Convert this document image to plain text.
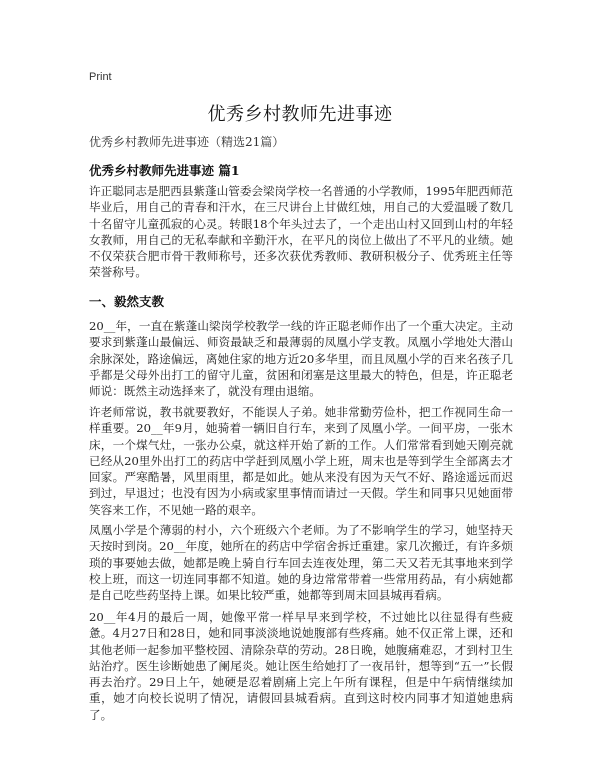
Print
优秀乡村教师先进事迹
优秀乡村教师先进事迹（精选21篇）
优秀乡村教师先进事迹 篇1

许正聪同志是肥西县紫蓬山管委会梁岗学校一名普通的小学教师，1995年肥西师范毕业后，用自己的青春和汗水，在三尺讲台上甘做红烛，用自己的大爱温暖了数几十名留守儿童孤寂的心灵。转眼18个年头过去了，一个走出山村又回到山村的年轻女教师，用自己的无私奉献和辛勤汗水，在平凡的岗位上做出了不平凡的业绩。她不仅荣获合肥市骨干教师称号，还多次获优秀教师、教研积极分子、优秀班主任等荣誉称号。

一、毅然支教

20__年，一直在紫蓬山梁岗学校教学一线的许正聪老师作出了一个重大决定。主动要求到紫蓬山最偏远、师资最缺乏和最薄弱的凤凰小学支教。凤凰小学地处大潜山余脉深处，路途偏远，离她住家的地方近20多华里，而且凤凰小学的百来名孩子几乎都是父母外出打工的留守儿童，贫困和闭塞是这里最大的特色，但是，许正聪老师说：既然主动选择来了，就没有理由退缩。

许老师常说，教书就要教好，不能误人子弟。她非常勤劳俭朴，把工作视同生命一样重要。20__年9月，她骑着一辆旧自行车，来到了凤凰小学。一间平房，一张木床，一个煤气灶，一张办公桌，就这样开始了新的工作。人们常常看到她天刚亮就已经从20里外出打工的药店中学赶到凤凰小学上班，周末也是等到学生全部离去才回家。严寒酷暑，风里雨里，都是如此。她从来没有因为天气不好、路途遥远而迟到过，早退过；也没有因为小病或家里事情而请过一天假。学生和同事只见她面带笑容来工作，不见她一路的艰辛。

凤凰小学是个薄弱的村小，六个班级六个老师。为了不影响学生的学习，她坚持天天按时到岗。20__年度，她所在的药店中学宿舍拆迁重建。家几次搬迁，有许多烦琐的事要她去做，她都是晚上骑自行车回去连夜处理，第二天又若无其事地来到学校上班，而这一切连同事都不知道。她的身边常常带着一些常用药品，有小病她都是自己吃些药坚持上课。如果比较严重，她都等到周末回县城再看病。

20__年4月的最后一周，她像平常一样早早来到学校，不过她比以往显得有些疲惫。4月27日和28日，她和同事淡淡地说她腹部有些疼痛。她不仅正常上课，还和其他老师一起参加平整校园、清除杂草的劳动。28日晚，她腹痛难忍，才到村卫生站治疗。医生诊断她患了阑尾炎。她让医生给她打了一夜吊针，想等到“五一”长假再去治疗。29日上午，她硬是忍着剧痛上完上午所有课程，但是中午病情继续加重，她才向校长说明了情况，请假回县城看病。直到这时校内同事才知道她患病了。
